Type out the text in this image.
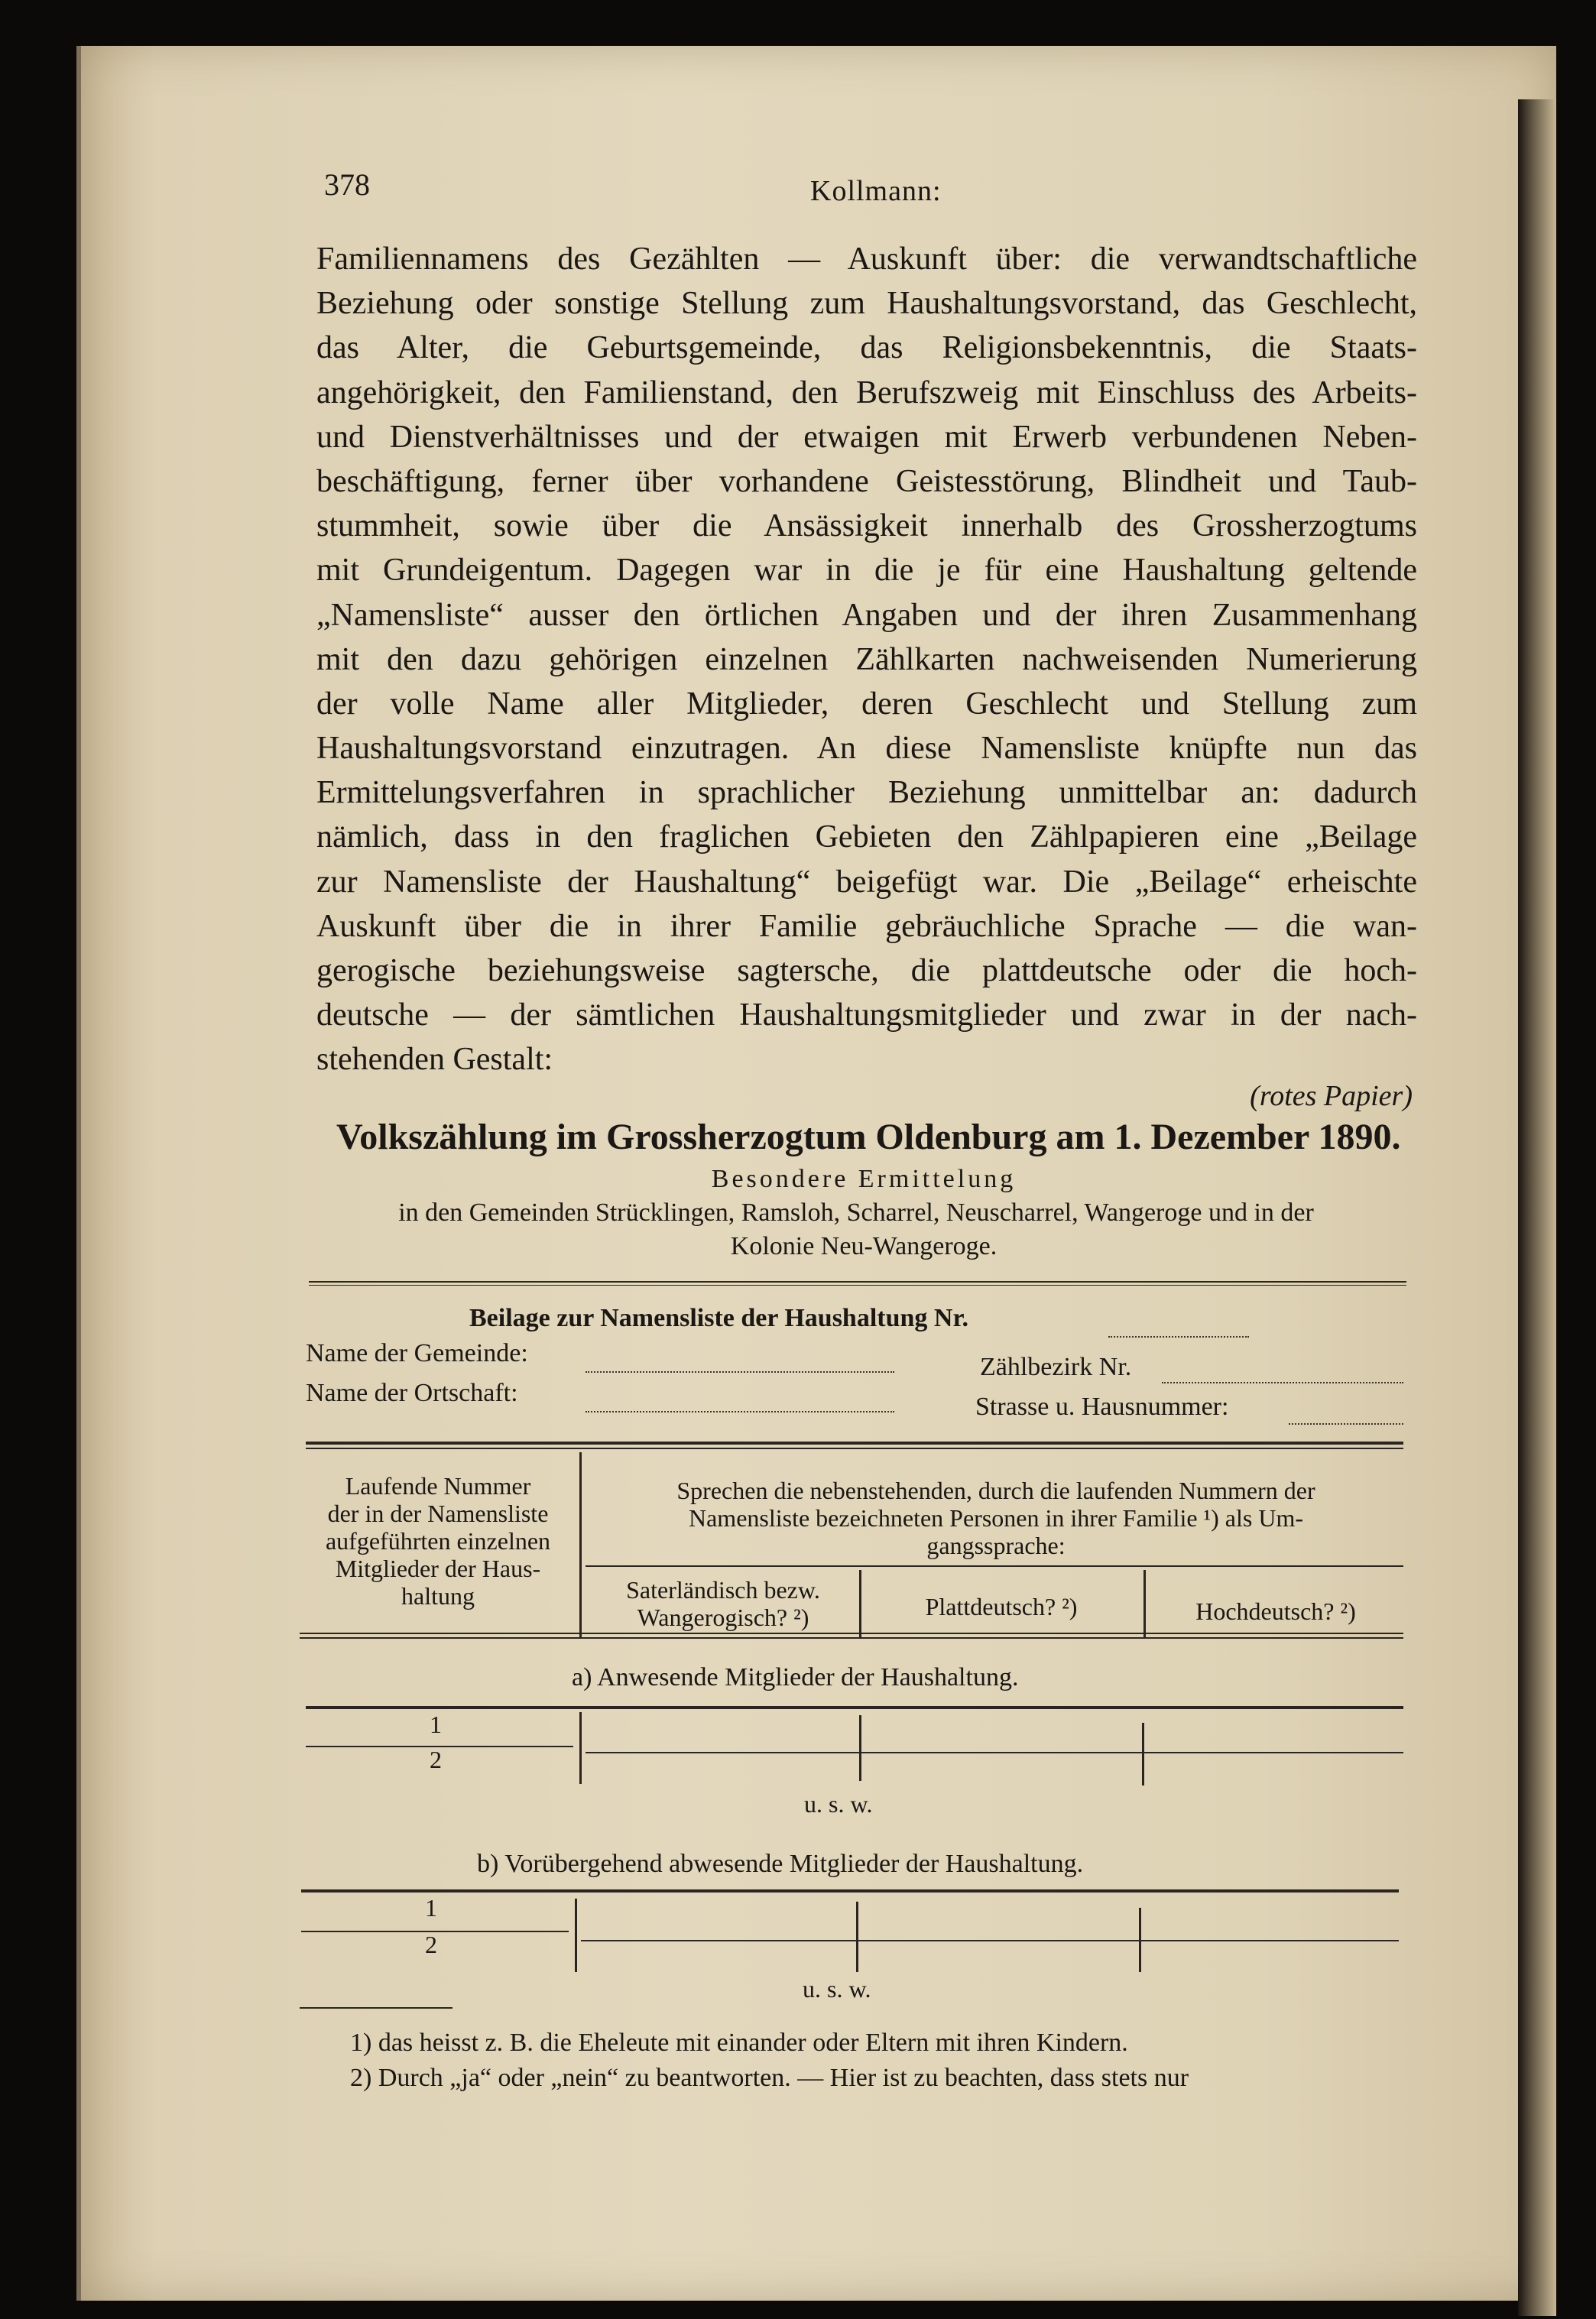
378	Kollmann:
Familiennamens des Gezählten — Auskunft über: die verwandtschaftliche
Beziehung oder sonstige Stellung zum Haushaltungsvorstand, das Geschlecht,
das Alter, die Geburtsgemeinde, das Religionsbekenntnis, die Staats-
angehörigkeit, den Familienstand, den Berufszweig mit Einschluss des Arbeits-
und Dienstverhältnisses und der etwaigen mit Erwerb verbundenen Neben-
beschäftigung, ferner über vorhandene Geistesstörung, Blindheit und Taub-
stummheit, sowie über die Ansässigkeit innerhalb des Grossherzogtums
mit Grundeigentum. Dagegen war in die je für eine Haushaltung geltende
„Namensliste“ ausser den örtlichen Angaben und der ihren Zusammenhang
mit den dazu gehörigen einzelnen Zählkarten nachweisenden Numerierung
der volle Name aller Mitglieder, deren Geschlecht und Stellung zum
Haushaltungsvorstand einzutragen. An diese Namensliste knüpfte nun das
Ermittelungsverfahren in sprachlicher Beziehung unmittelbar an: dadurch
nämlich, dass in den fraglichen Gebieten den Zählpapieren eine „Beilage
zur Namensliste der Haushaltung“ beigefügt war. Die „Beilage“ erheischte
Auskunft über die in ihrer Familie gebräuchliche Sprache — die wan-
gerogische beziehungsweise sagtersche, die plattdeutsche oder die hoch-
deutsche — der sämtlichen Haushaltungsmitglieder und zwar in der nach-
stehenden Gestalt:
(rotes Papier)
Volkszählung im Grossherzogtum Oldenburg am 1. Dezember 1890.
Besondere Ermittelung
in den Gemeinden Strücklingen, Ramsloh, Scharrel, Neuscharrel, Wangeroge und in der
Kolonie Neu-Wangeroge.
Beilage zur Namensliste der Haushaltung Nr.
Name der Gemeinde:	Zählbezirk Nr.
Name der Ortschaft:	Strasse u. Hausnummer:
Laufende Nummer
der in der Namensliste
aufgeführten einzelnen
Mitglieder der Haus-
haltung
Sprechen die nebenstehenden, durch die laufenden Nummern der
Namensliste bezeichneten Personen in ihrer Familie ¹) als Um-
gangssprache:
Saterländisch bezw.
Wangerogisch? ²)	Plattdeutsch? ²)	Hochdeutsch? ²)
a) Anwesende Mitglieder der Haushaltung.
1
2
u. s. w.
b) Vorübergehend abwesende Mitglieder der Haushaltung.
1
2
u. s. w.
1) das heisst z. B. die Eheleute mit einander oder Eltern mit ihren Kindern.
2) Durch „ja“ oder „nein“ zu beantworten. — Hier ist zu beachten, dass stets nur
